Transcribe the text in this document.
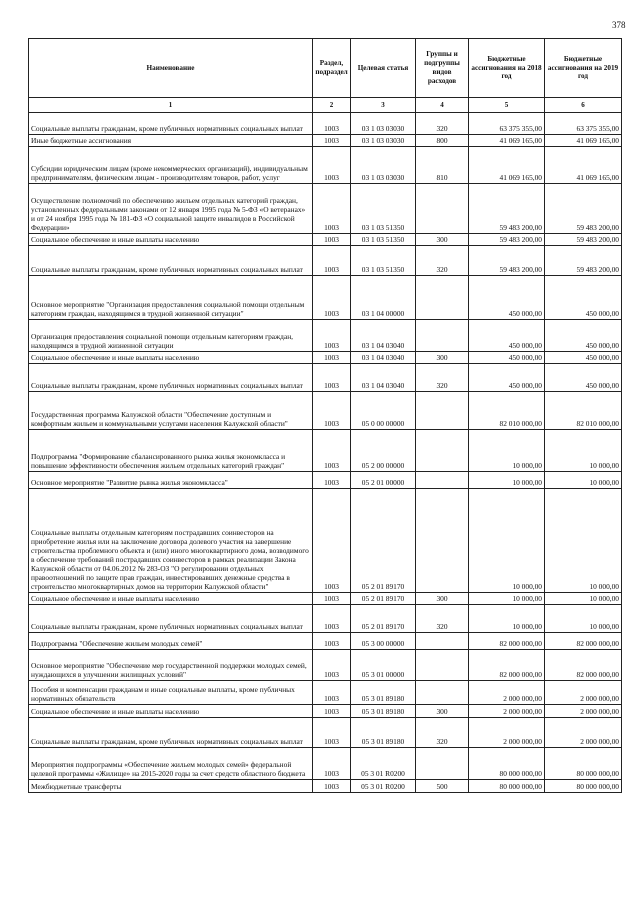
378
Наименование	Раздел, подраздел	Целевая статья	Группы и подгруппы видов расходов	Бюджетные ассигнования на 2018 год	Бюджетные ассигнования на 2019 год
1	2	3	4	5	6
Социальные выплаты гражданам, кроме публичных нормативных социальных выплат	1003	03 1 03 03030	320	63 375 355,00	63 375 355,00
Иные бюджетные ассигнования	1003	03 1 03 03030	800	41 069 165,00	41 069 165,00
Субсидии юридическим лицам (кроме некоммерческих организаций), индивидуальным предпринимателям, физическим лицам - производителям товаров, работ, услуг	1003	03 1 03 03030	810	41 069 165,00	41 069 165,00
Осуществление полномочий по обеспечению жильем отдельных категорий граждан, установленных федеральными законами от 12 января 1995 года № 5-ФЗ «О ветеранах» и от 24 ноября 1995 года № 181-ФЗ «О социальной защите инвалидов в Российской Федерации»	1003	03 1 03 51350		59 483 200,00	59 483 200,00
Социальное обеспечение и иные выплаты населению	1003	03 1 03 51350	300	59 483 200,00	59 483 200,00
Социальные выплаты гражданам, кроме публичных нормативных социальных выплат	1003	03 1 03 51350	320	59 483 200,00	59 483 200,00
Основное мероприятие "Организация предоставления социальной помощи отдельным категориям граждан, находящимся в трудной жизненной ситуации"	1003	03 1 04 00000		450 000,00	450 000,00
Организация предоставления социальной помощи отдельным категориям граждан, находящимся в трудной жизненной ситуации	1003	03 1 04 03040		450 000,00	450 000,00
Социальное обеспечение и иные выплаты населению	1003	03 1 04 03040	300	450 000,00	450 000,00
Социальные выплаты гражданам, кроме публичных нормативных социальных выплат	1003	03 1 04 03040	320	450 000,00	450 000,00
Государственная программа Калужской области "Обеспечение доступным и комфортным жильем и коммунальными услугами населения Калужской области"	1003	05 0 00 00000		82 010 000,00	82 010 000,00
Подпрограмма "Формирование сбалансированного рынка жилья экономкласса и повышение эффективности обеспечения жильем отдельных категорий граждан"	1003	05 2 00 00000		10 000,00	10 000,00
Основное мероприятие "Развитие рынка жилья экономкласса"	1003	05 2 01 00000		10 000,00	10 000,00
Социальные выплаты отдельным категориям пострадавших соинвесторов на приобретение жилья или на заключение договора долевого участия на завершение строительства проблемного объекта и (или) иного многоквартирного дома, возводимого в обеспечение требований пострадавших соинвесторов в рамках реализации Закона Калужской области от 04.06.2012 № 283-ОЗ "О регулировании отдельных правоотношений по защите прав граждан, инвестировавших денежные средства в строительство многоквартирных домов на территории Калужской области"	1003	05 2 01 89170		10 000,00	10 000,00
Социальное обеспечение и иные выплаты населению	1003	05 2 01 89170	300	10 000,00	10 000,00
Социальные выплаты гражданам, кроме публичных нормативных социальных выплат	1003	05 2 01 89170	320	10 000,00	10 000,00
Подпрограмма "Обеспечение жильем молодых семей"	1003	05 3 00 00000		82 000 000,00	82 000 000,00
Основное мероприятие "Обеспечение мер государственной поддержки молодых семей, нуждающихся в улучшении жилищных условий"	1003	05 3 01 00000		82 000 000,00	82 000 000,00
Пособия и компенсации гражданам и иные социальные выплаты, кроме публичных нормативных обязательств	1003	05 3 01 89180		2 000 000,00	2 000 000,00
Социальное обеспечение и иные выплаты населению	1003	05 3 01 89180	300	2 000 000,00	2 000 000,00
Социальные выплаты гражданам, кроме публичных нормативных социальных выплат	1003	05 3 01 89180	320	2 000 000,00	2 000 000,00
Мероприятия подпрограммы «Обеспечение жильем молодых семей» федеральной целевой программы «Жилище» на 2015-2020 годы за счет средств областного бюджета	1003	05 3 01 R0200		80 000 000,00	80 000 000,00
Межбюджетные трансферты	1003	05 3 01 R0200	500	80 000 000,00	80 000 000,00
